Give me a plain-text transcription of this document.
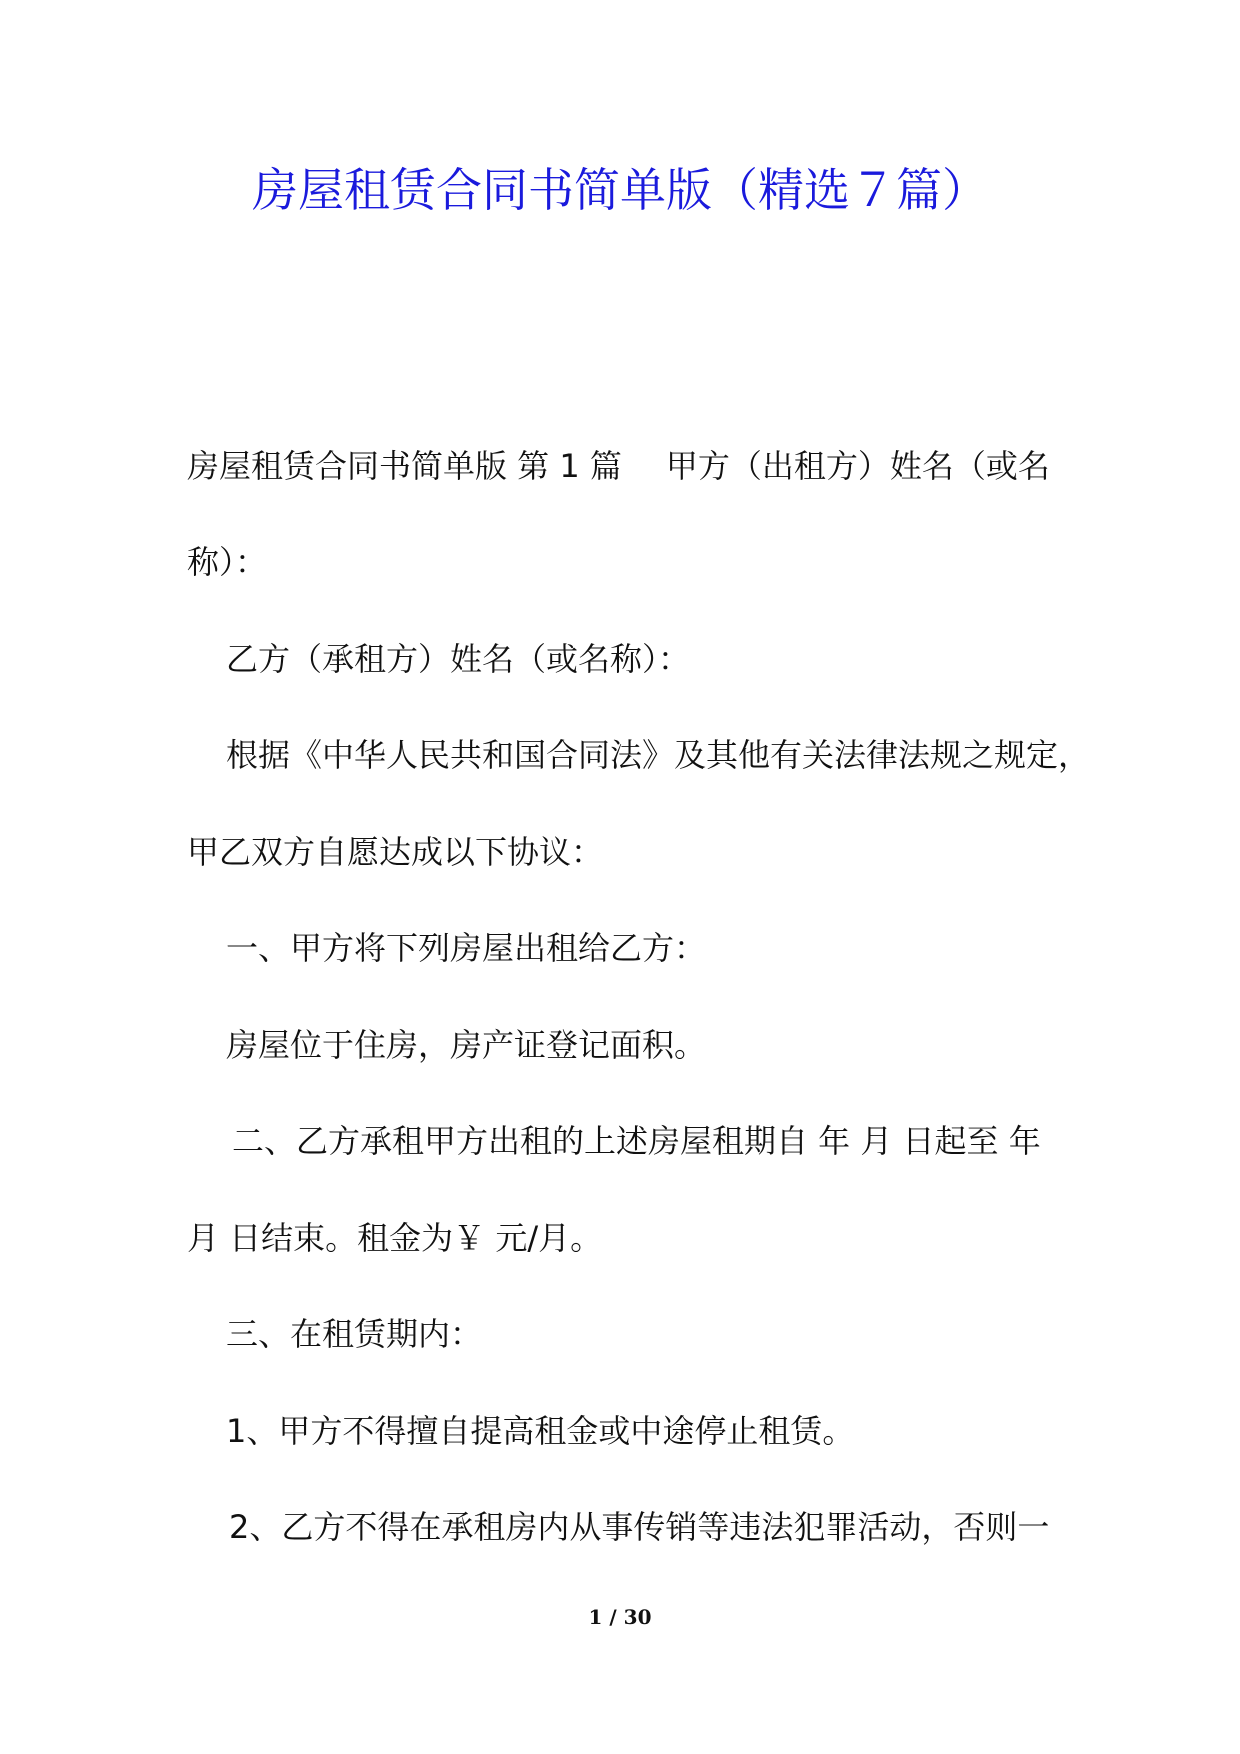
房屋租赁合同书简单版（精选７篇）
房屋租赁合同书简单版 第 1 篇 甲方（出租方）姓名（或名
称）：
乙方（承租方）姓名（或名称）：
根据《中华人民共和国合同法》及其他有关法律法规之规定，
甲乙双方自愿达成以下协议：
一、甲方将下列房屋出租给乙方：
房屋位于住房，房产证登记面积。
二、乙方承租甲方出租的上述房屋租期自 年 月 日起至 年
月 日结束。租金为￥ 元/月。
三、在租赁期内：
1、甲方不得擅自提高租金或中途停止租赁。
2、乙方不得在承租房内从事传销等违法犯罪活动，否则一
1 / 30
